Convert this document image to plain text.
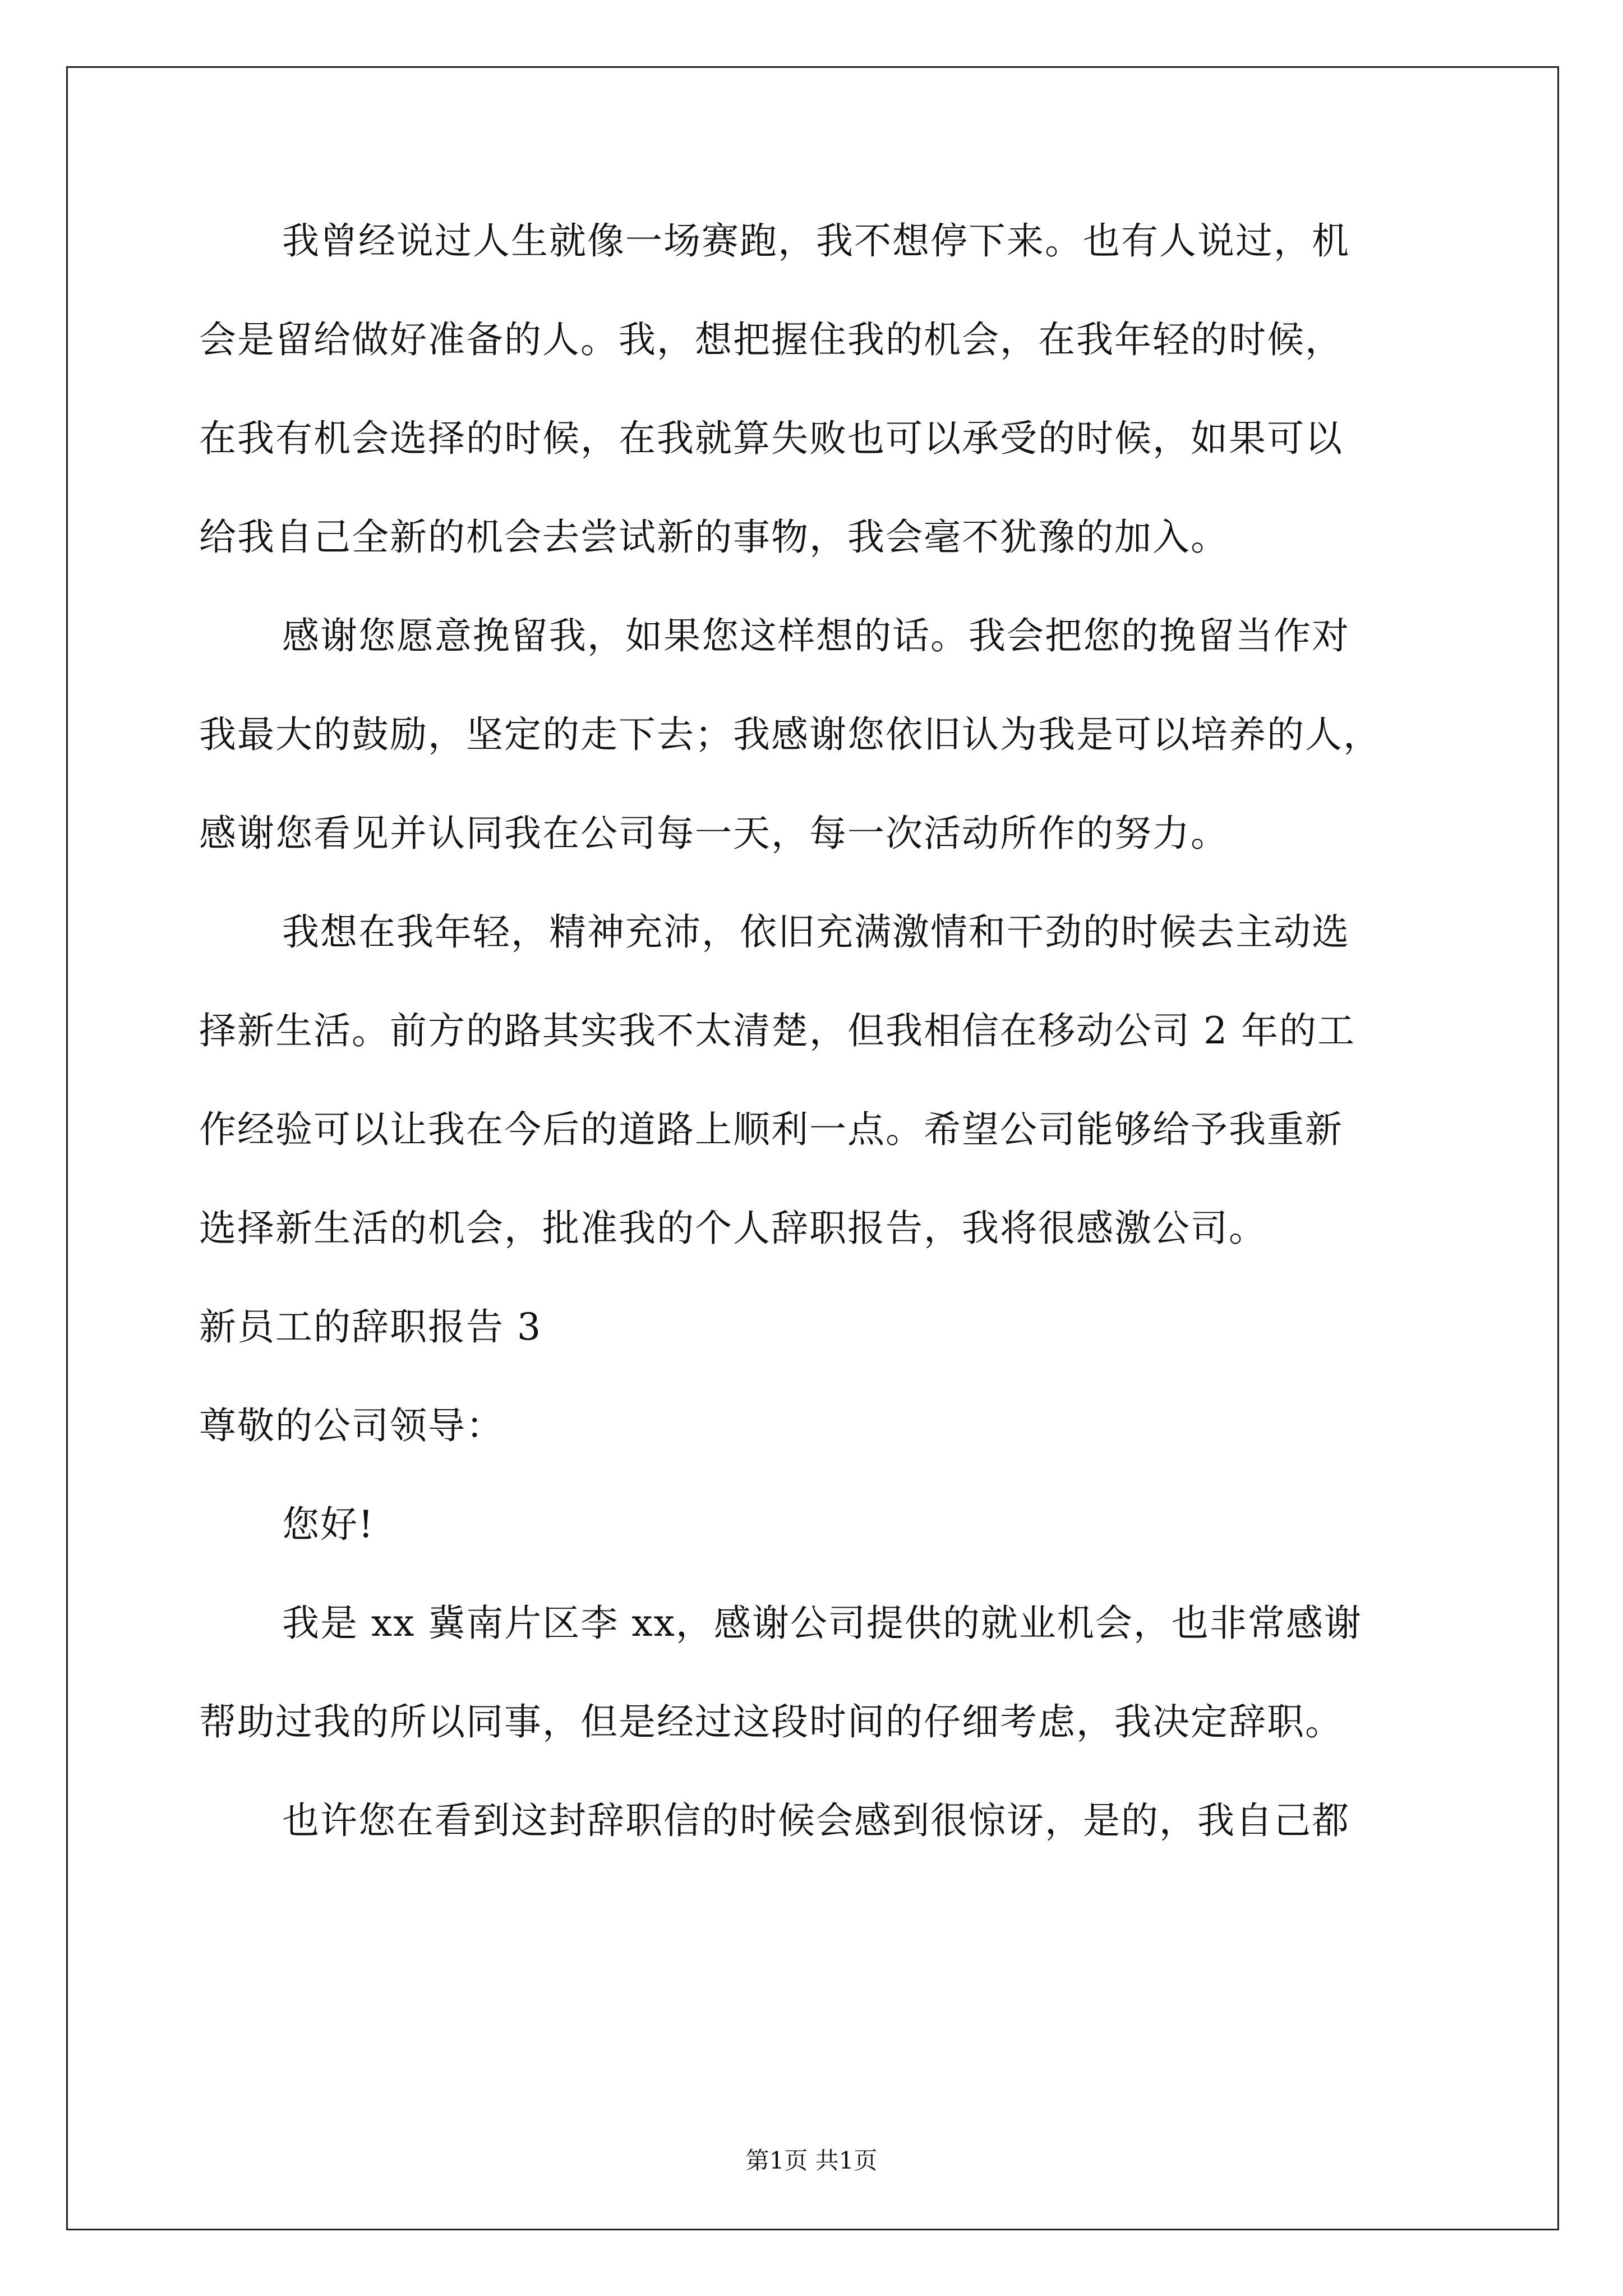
我曾经说过人生就像一场赛跑，我不想停下来。也有人说过，机
会是留给做好准备的人。我，想把握住我的机会，在我年轻的时候，
在我有机会选择的时候，在我就算失败也可以承受的时候，如果可以
给我自己全新的机会去尝试新的事物，我会毫不犹豫的加入。
感谢您愿意挽留我，如果您这样想的话。我会把您的挽留当作对
我最大的鼓励，坚定的走下去；我感谢您依旧认为我是可以培养的人，
感谢您看见并认同我在公司每一天，每一次活动所作的努力。
我想在我年轻，精神充沛，依旧充满激情和干劲的时候去主动选
择新生活。前方的路其实我不太清楚，但我相信在移动公司 2 年的工
作经验可以让我在今后的道路上顺利一点。希望公司能够给予我重新
选择新生活的机会，批准我的个人辞职报告，我将很感激公司。
新员工的辞职报告 3
尊敬的公司领导：
您好!
我是 xx 冀南片区李 xx，感谢公司提供的就业机会，也非常感谢
帮助过我的所以同事，但是经过这段时间的仔细考虑，我决定辞职。
也许您在看到这封辞职信的时候会感到很惊讶，是的，我自己都
第1页 共1页
